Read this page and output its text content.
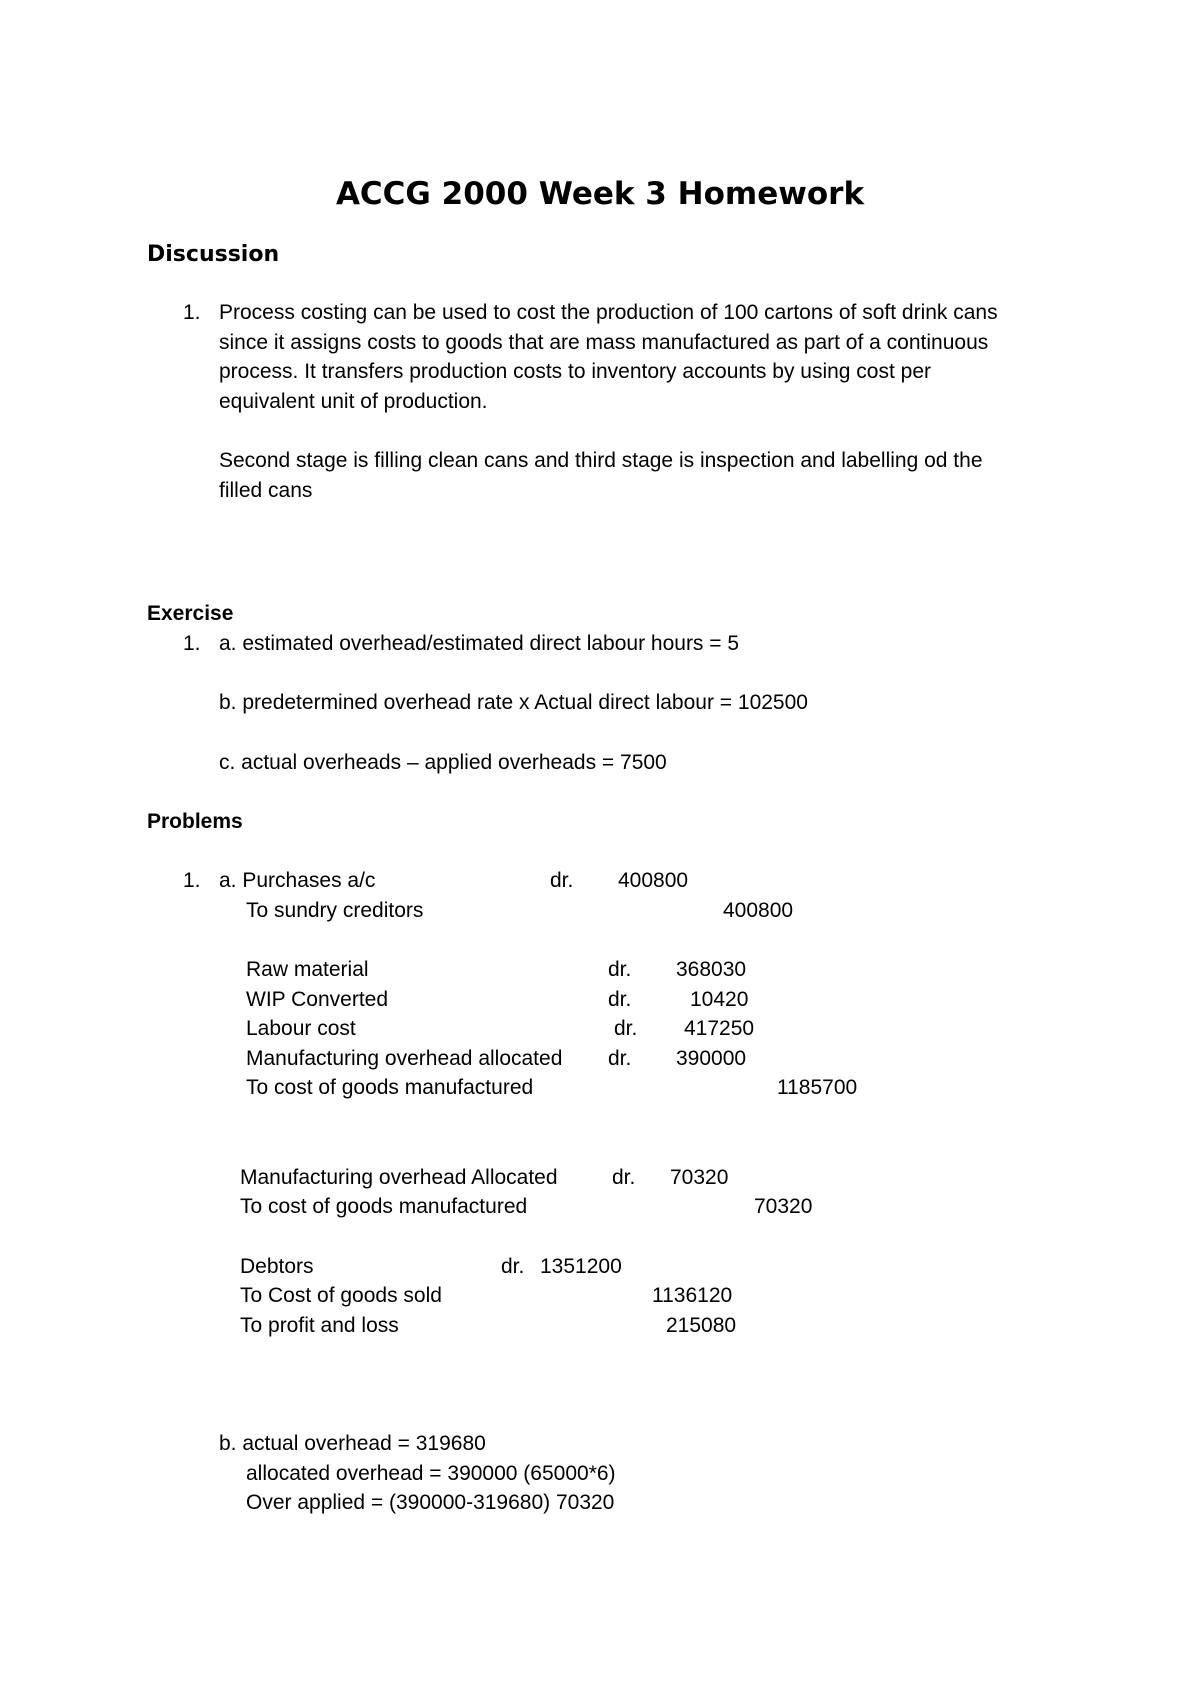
ACCG 2000 Week 3 Homework
Discussion
1. Process costing can be used to cost the production of 100 cartons of soft drink cans
since it assigns costs to goods that are mass manufactured as part of a continuous
process. It transfers production costs to inventory accounts by using cost per
equivalent unit of production.
Second stage is filling clean cans and third stage is inspection and labelling od the
filled cans
Exercise
1. a. estimated overhead/estimated direct labour hours = 5
b. predetermined overhead rate x Actual direct labour = 102500
c. actual overheads – applied overheads = 7500
Problems
1. a. Purchases a/c	dr. 400800
To sundry creditors	400800
Raw material	dr. 368030
WIP Converted	dr.	10420
Labour cost	dr. 417250
Manufacturing overhead allocated dr. 390000
To cost of goods manufactured	1185700
Manufacturing overhead Allocated	dr. 70320
To cost of goods manufactured	70320
Debtors	dr. 1351200
To Cost of goods sold	1136120
To profit and loss	215080
b. actual overhead = 319680
allocated overhead = 390000 (65000*6)
Over applied = (390000-319680) 70320
